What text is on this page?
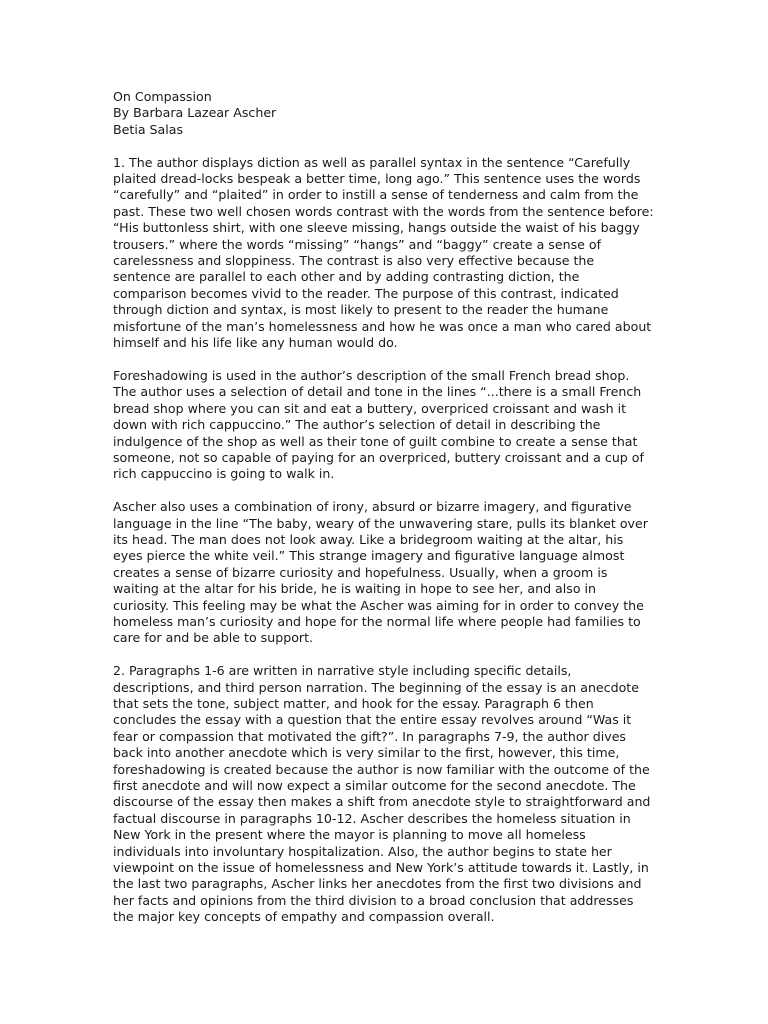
On Compassion

By Barbara Lazear Ascher

Betia Salas

1. The author displays diction as well as parallel syntax in the sentence “Carefully plaited dread-locks bespeak a better time, long ago.” This sentence uses the words “carefully” and “plaited” in order to instill a sense of tenderness and calm from the past. These two well chosen words contrast with the words from the sentence before: “His buttonless shirt, with one sleeve missing, hangs outside the waist of his baggy trousers.” where the words “missing” “hangs” and “baggy” create a sense of carelessness and sloppiness. The contrast is also very effective because the sentence are parallel to each other and by adding contrasting diction, the comparison becomes vivid to the reader. The purpose of this contrast, indicated through diction and syntax, is most likely to present to the reader the humane misfortune of the man’s homelessness and how he was once a man who cared about himself and his life like any human would do.

Foreshadowing is used in the author’s description of the small French bread shop. The author uses a selection of detail and tone in the lines “...there is a small French bread shop where you can sit and eat a buttery, overpriced croissant and wash it down with rich cappuccino.” The author’s selection of detail in describing the indulgence of the shop as well as their tone of guilt combine to create a sense that someone, not so capable of paying for an overpriced, buttery croissant and a cup of rich cappuccino is going to walk in.

Ascher also uses a combination of irony, absurd or bizarre imagery, and figurative language in the line “The baby, weary of the unwavering stare, pulls its blanket over its head. The man does not look away. Like a bridegroom waiting at the altar, his eyes pierce the white veil.” This strange imagery and figurative language almost creates a sense of bizarre curiosity and hopefulness. Usually, when a groom is waiting at the altar for his bride, he is waiting in hope to see her, and also in curiosity. This feeling may be what the Ascher was aiming for in order to convey the homeless man’s curiosity and hope for the normal life where people had families to care for and be able to support.

2. Paragraphs 1-6 are written in narrative style including specific details, descriptions, and third person narration. The beginning of the essay is an anecdote that sets the tone, subject matter, and hook for the essay. Paragraph 6 then concludes the essay with a question that the entire essay revolves around “Was it fear or compassion that motivated the gift?”. In paragraphs 7-9, the author dives back into another anecdote which is very similar to the first, however, this time, foreshadowing is created because the author is now familiar with the outcome of the first anecdote and will now expect a similar outcome for the second anecdote. The discourse of the essay then makes a shift from anecdote style to straightforward and factual discourse in paragraphs 10-12. Ascher describes the homeless situation in New York in the present where the mayor is planning to move all homeless individuals into involuntary hospitalization. Also, the author begins to state her viewpoint on the issue of homelessness and New York’s attitude towards it. Lastly, in the last two paragraphs, Ascher links her anecdotes from the first two divisions and her facts and opinions from the third division to a broad conclusion that addresses the major key concepts of empathy and compassion overall.
